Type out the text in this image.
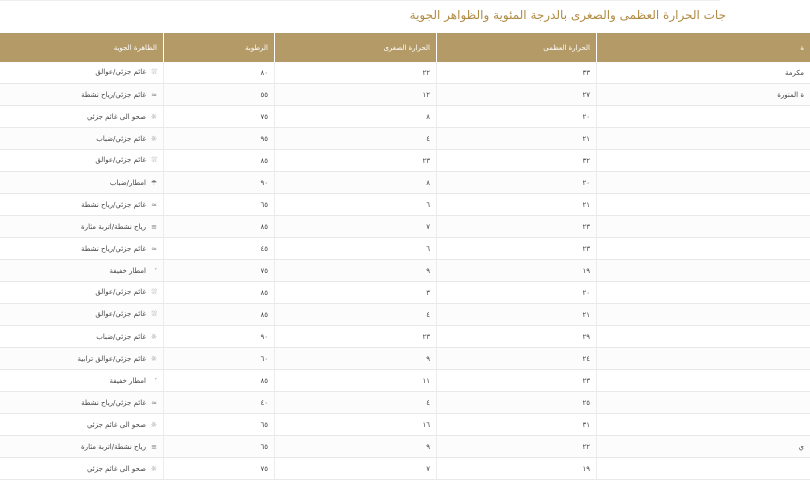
جات الحرارة العظمى والصغرى بالدرجة المئوية والظواهر الجوية
ة	الحرارة العظمى	الحرارة الصغرى	الرطوبة	الظاهرة الجوية
مكرمة	٣٣	٢٢	٨٠	⛆غائم جزئي/عوالق
ة المنورة	٢٧	١٢	٥٥	≈غائم جزئي/رياح نشطة
	٢٠	٨	٧٥	☼صحو الى غائم جزئي
	٢١	٤	٩٥	☼غائم جزئي/ضباب
	٣٢	٢٣	٨٥	⛆غائم جزئي/عوالق
	٢٠	٨	٩٠	☂امطار/ضباب
	٢١	٦	٦٥	≈غائم جزئي/رياح نشطة
	٢٣	٧	٨٥	≡رياح نشطة/اتربة مثارة
	٢٣	٦	٤٥	≈غائم جزئي/رياح نشطة
	١٩	٩	٧٥	ʼامطار خفيفة
	٢٠	٣	٨٥	⛆غائم جزئي/عوالق
	٢١	٤	٨٥	⛆غائم جزئي/عوالق
	٢٩	٢٣	٩٠	☼غائم جزئي/ضباب
	٢٤	٩	٦٠	☼غائم جزئي/عوالق ترابية
	٢٣	١١	٨٥	ʼامطار خفيفة
	٢٥	٤	٤٠	≈غائم جزئي/رياح نشطة
	٣١	١٦	٦٥	☼صحو الى غائم جزئي
ي	٢٢	٩	٦٥	≡رياح نشطة/اتربة مثارة
	١٩	٧	٧٥	☼صحو الى غائم جزئي
